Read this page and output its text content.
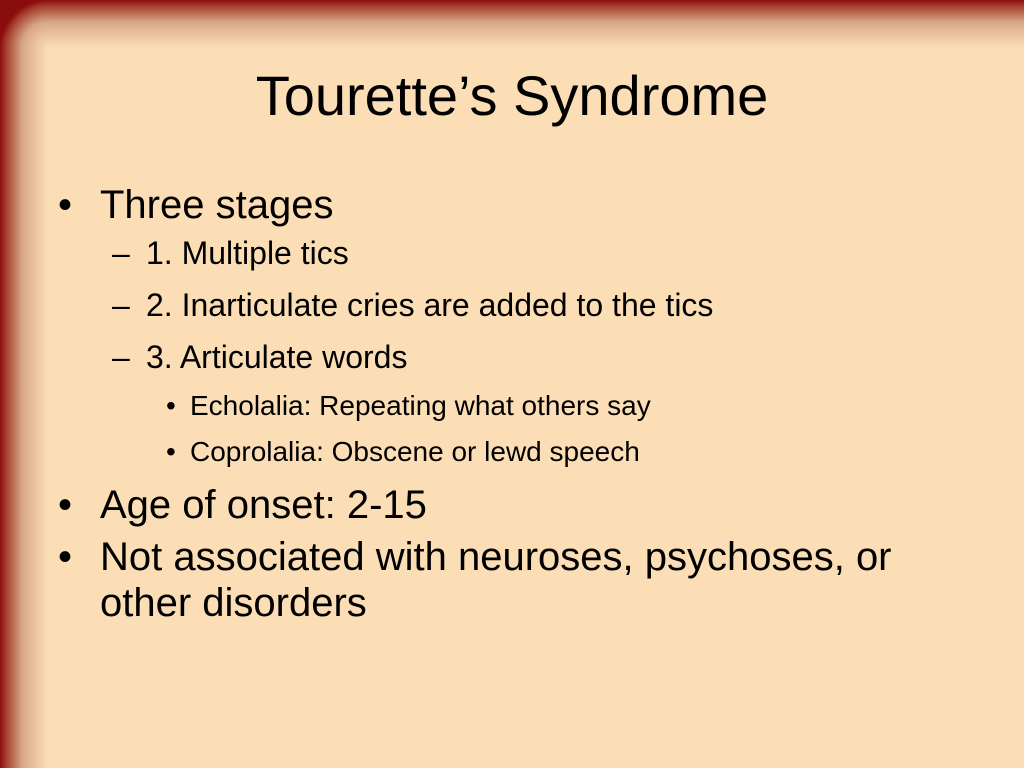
Tourette’s Syndrome
• Three stages
– 1. Multiple tics
– 2. Inarticulate cries are added to the tics
– 3. Articulate words
• Echolalia: Repeating what others say
• Coprolalia: Obscene or lewd speech
• Age of onset: 2-15
• Not associated with neuroses, psychoses, or other disorders
